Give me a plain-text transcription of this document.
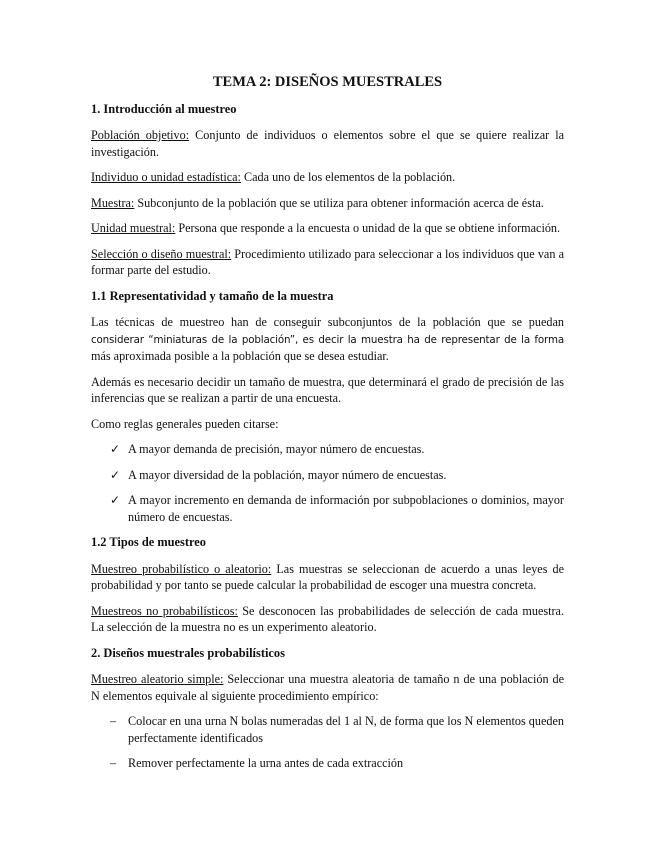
TEMA 2: DISEÑOS MUESTRALES
1. Introducción al muestreo

Población objetivo: Conjunto de individuos o elementos sobre el que se quiere realizar la investigación.

Individuo o unidad estadística: Cada uno de los elementos de la población.

Muestra: Subconjunto de la población que se utiliza para obtener información acerca de ésta.

Unidad muestral: Persona que responde a la encuesta o unidad de la que se obtiene información.

Selección o diseño muestral: Procedimiento utilizado para seleccionar a los individuos que van a formar parte del estudio.

1.1 Representatividad y tamaño de la muestra

Las técnicas de muestreo han de conseguir subconjuntos de la población que se puedan considerar “miniaturas de la población”, es decir la muestra ha de representar de la forma más aproximada posible a la población que se desea estudiar.

Además es necesario decidir un tamaño de muestra, que determinará el grado de precisión de las inferencias que se realizan a partir de una encuesta.

Como reglas generales pueden citarse:

✓ A mayor demanda de precisión, mayor número de encuestas.
✓ A mayor diversidad de la población, mayor número de encuestas.
✓ A mayor incremento en demanda de información por subpoblaciones o dominios, mayor número de encuestas.
1.2 Tipos de muestreo

Muestreo probabilístico o aleatorio: Las muestras se seleccionan de acuerdo a unas leyes de probabilidad y por tanto se puede calcular la probabilidad de escoger una muestra concreta.

Muestreos no probabilísticos: Se desconocen las probabilidades de selección de cada muestra. La selección de la muestra no es un experimento aleatorio.

2. Diseños muestrales probabilísticos

Muestreo aleatorio simple: Seleccionar una muestra aleatoria de tamaño n de una población de N elementos equivale al siguiente procedimiento empírico:

– Colocar en una urna N bolas numeradas del 1 al N, de forma que los N elementos queden perfectamente identificados
– Remover perfectamente la urna antes de cada extracción
